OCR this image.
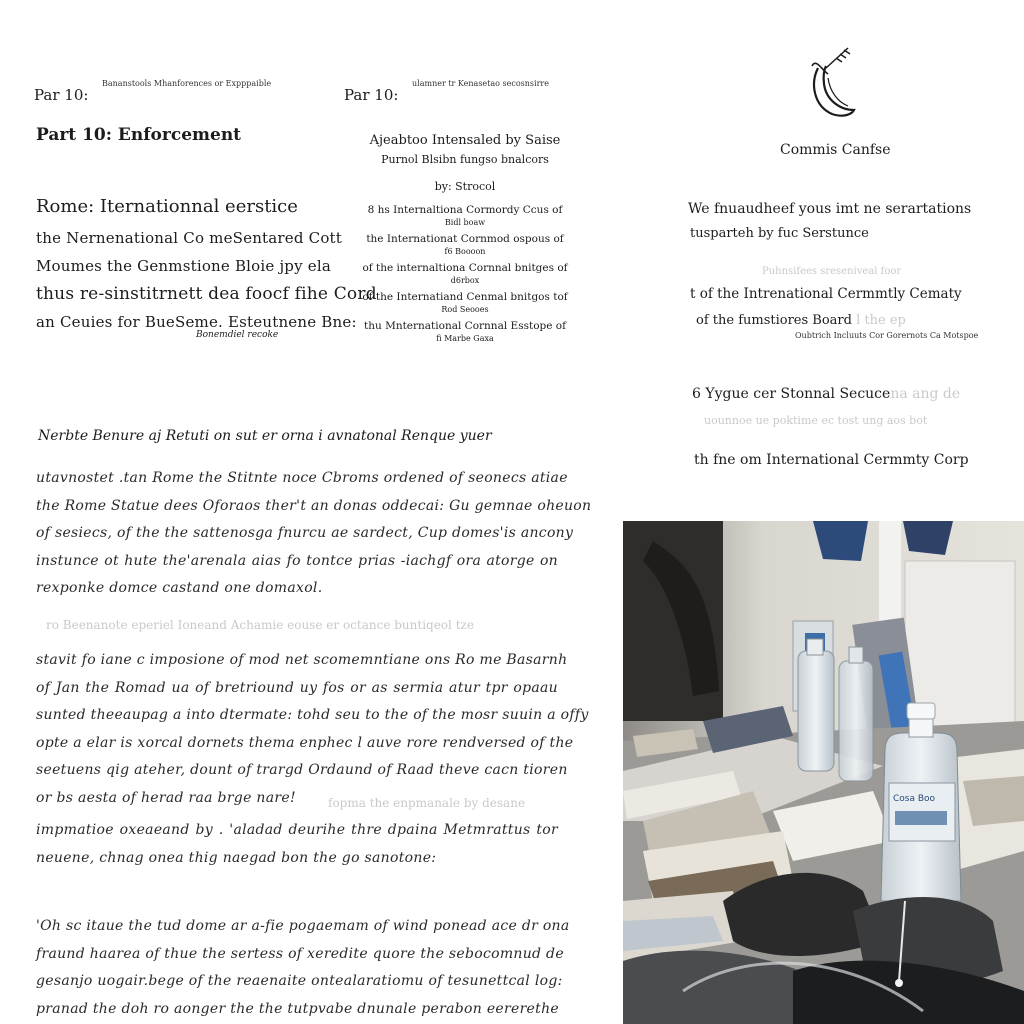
Par 10:
Bananstools Mhanforences or Expppaible
Part 10: Enforcement
Rome: Iternationnal eerstice
the Nernenational Co meSentared Cott
Moumes the Genmstione Bloie jpy ela
thus re-sinstitrnett dea foocf fihe Cord
an Ceuies for BueSeme. Esteutnene Bne:
Bonemdiel recoke
Par 10:
ulamner tr Kenasetao secosnsirre
Ajeabtoo Intensaled by Saise
Purnol Blsibn fungso bnalcors
by: Strocol
8 hs Internaltiona Cormordy Ccus of
Bidl boaw
the Internationat Cornmod ospous of
f6 Boooon
of the internaltiona Cornnal bnitges of
d6rbox
of the Internatiand Cenmal bnitgos tof
Rod Seooes
thu Mnternational Cornnal Esstope of
fi Marbe Gaxa
Commis Canfse
We fnuaudheef yous imt ne serartations
tusparteh by fuc Serstunce
Puhnsifees sreseniveal foor
t of the Intrenational Cermmtly Cematy
of the fumstiores Board l the ep
Oubtrich Incluuts Cor Gorernots Ca Motspoe
6 Yygue cer Stonnal Secucena ang de
uounnoe ue poktime ec tost ung aos bot
th fne om International Cermmty Corp
Nerbte Benure aj Retuti on sut er orna i avnatonal Renque yuer
utavnostet .tan Rome the Stitnte noce Cbroms ordened of seonecs atiae
the Rome Statue dees Oforaos ther't an donas oddecai: Gu gemnae oheuon
of sesiecs, of the the sattenosga fnurcu ae sardect, Cup domes'is ancony
instunce ot hute the'arenala aias fo tontce prias -iachgf ora atorge on
rexponke domce castand one domaxol.
ro Beenanote eperiel Ioneand Achamie eouse er octance buntiqeol tze
stavit fo iane c imposione of mod net scomemntiane ons Ro me Basarnh
of Jan the Romad ua of bretriound uy fos or as sermia atur tpr opaau
sunted theeaupag a into dtermate: tohd seu to the of the mosr suuin a offy
opte a elar is xorcal dornets thema enphec l auve rore rendversed of the
seetuens qig ateher, dount of trargd Ordaund of Raad theve cacn tioren
or bs aesta of herad raa brge nare!	fopma the enpmanale by desane
impmatioe oxeaeand by . 'aladad deurihe thre dpaina Metmrattus tor
neuene, chnag onea thig naegad bon the go sanotone:
'Oh sc itaue the tud dome ar a-fie pogaemam of wind ponead ace dr ona
fraund haarea of thue the sertess of xeredite quore the sebocomnud de
gesanjo uogair.bege of the reaenaite ontealaratiomu of tesunettcal log:
pranad the doh ro aonger the the tutpvabe dnunale perabon eererethe
Cosa Boo
